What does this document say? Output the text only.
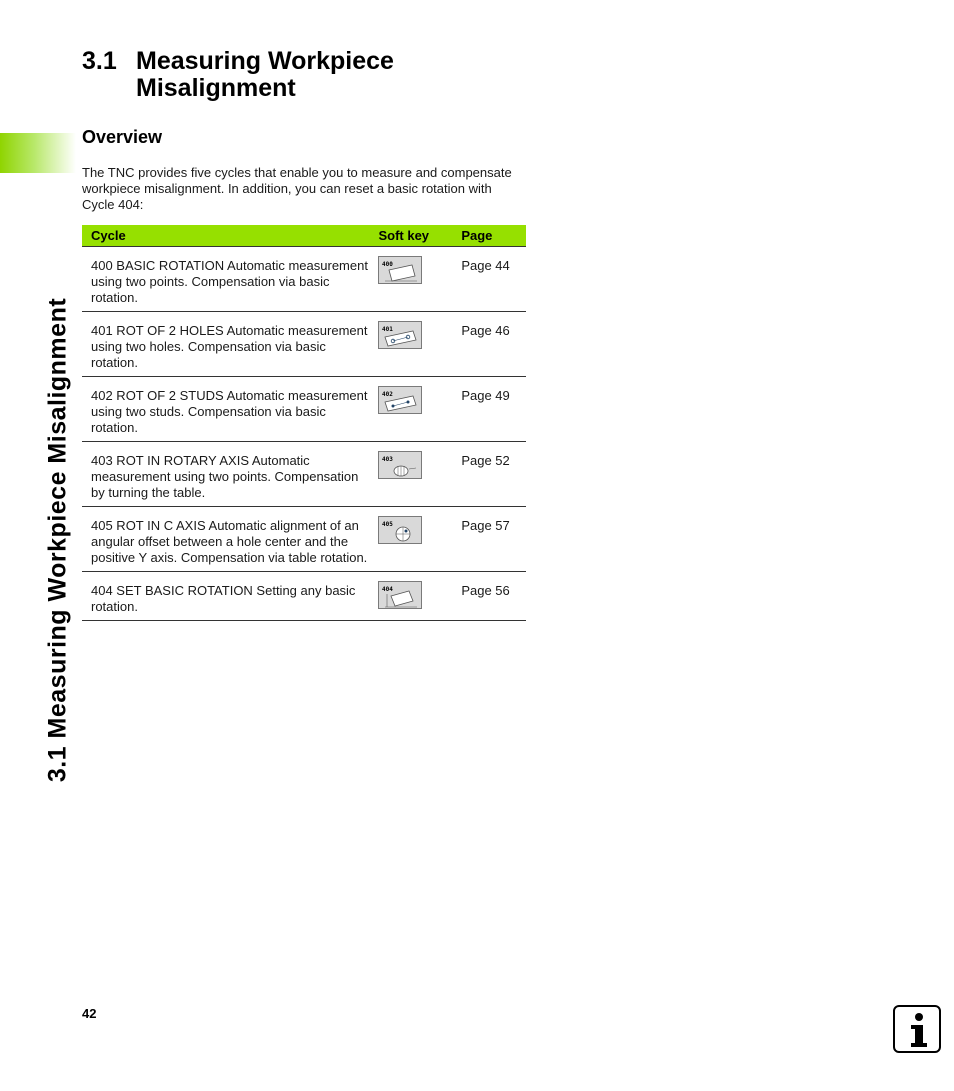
3.1 Measuring Workpiece Misalignment
3.1 Measuring Workpiece Misalignment
Overview

The TNC provides five cycles that enable you to measure and compensate workpiece misalignment. In addition, you can reset a basic rotation with Cycle 404:

Cycle	Soft key	Page
400 BASIC ROTATION Automatic measurement using two points. Compensation via basic rotation.	400	Page 44
401 ROT OF 2 HOLES Automatic measurement using two holes. Compensation via basic rotation.	401	Page 46
402 ROT OF 2 STUDS Automatic measurement using two studs. Compensation via basic rotation.	402	Page 49
403 ROT IN ROTARY AXIS Automatic measurement using two points. Compensation by turning the table.	403	Page 52
405 ROT IN C AXIS Automatic alignment of an angular offset between a hole center and the positive Y axis. Compensation via table rotation.	405	Page 57
404 SET BASIC ROTATION Setting any basic rotation.	404	Page 56
42
